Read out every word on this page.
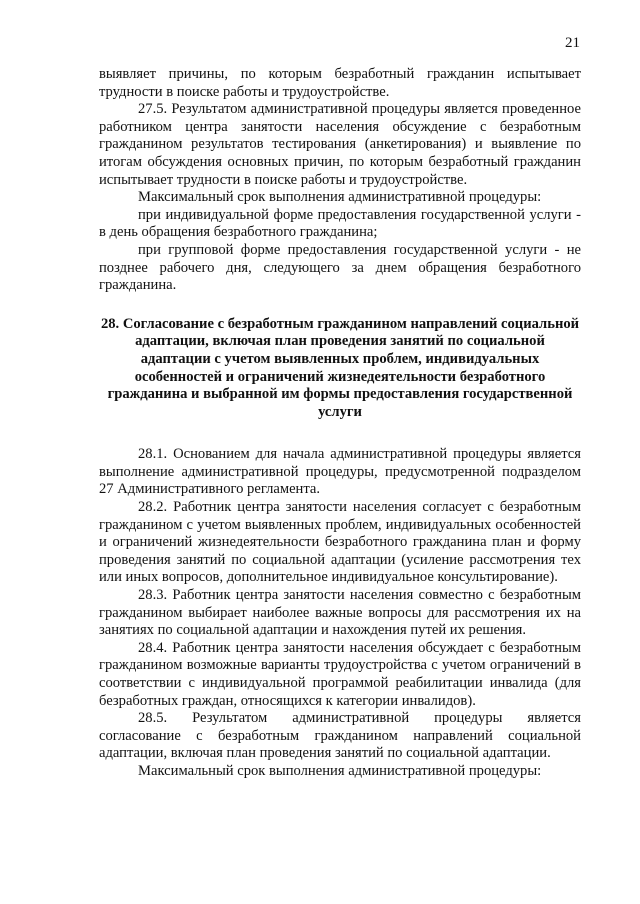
21

выявляет причины, по которым безработный гражданин испытывает трудности в поиске работы и трудоустройстве.

27.5. Результатом административной процедуры является проведенное работником центра занятости населения обсуждение с безработным гражданином результатов тестирования (анкетирования) и выявление по итогам обсуждения основных причин, по которым безработный гражданин испытывает трудности в поиске работы и трудоустройстве.

Максимальный срок выполнения административной процедуры:

при индивидуальной форме предоставления государственной услуги - в день обращения безработного гражданина;

при групповой форме предоставления государственной услуги - не позднее рабочего дня, следующего за днем обращения безработного гражданина.

28. Согласование с безработным гражданином направлений социальной адаптации, включая план проведения занятий по социальной адаптации с учетом выявленных проблем, индивидуальных особенностей и ограничений жизнедеятельности безработного гражданина и выбранной им формы предоставления государственной услуги

28.1. Основанием для начала административной процедуры является выполнение административной процедуры, предусмотренной подразделом 27 Административного регламента.

28.2. Работник центра занятости населения согласует с безработным гражданином с учетом выявленных проблем, индивидуальных особенностей и ограничений жизнедеятельности безработного гражданина план и форму проведения занятий по социальной адаптации (усиление рассмотрения тех или иных вопросов, дополнительное индивидуальное консультирование).

28.3. Работник центра занятости населения совместно с безработным гражданином выбирает наиболее важные вопросы для рассмотрения их на занятиях по социальной адаптации и нахождения путей их решения.

28.4. Работник центра занятости населения обсуждает с безработным гражданином возможные варианты трудоустройства с учетом ограничений в соответствии с индивидуальной программой реабилитации инвалида (для безработных граждан, относящихся к категории инвалидов).

28.5. Результатом административной процедуры является согласование с безработным гражданином направлений социальной адаптации, включая план проведения занятий по социальной адаптации.

Максимальный срок выполнения административной процедуры:
